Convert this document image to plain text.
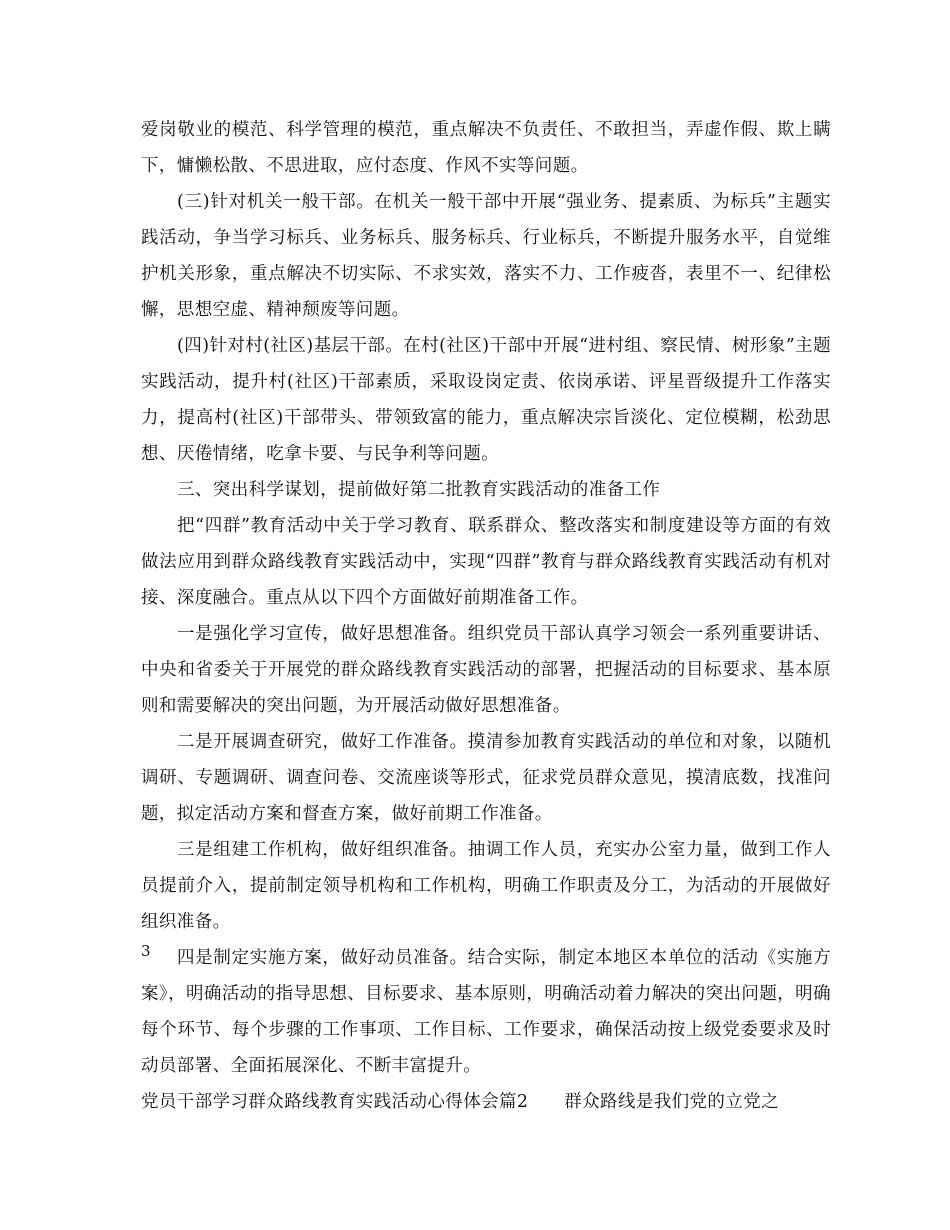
爱岗敬业的模范、科学管理的模范，重点解决不负责任、不敢担当，弄虚作假、欺上瞒下，慵懒松散、不思进取，应付态度、作风不实等问题。

(三)针对机关一般干部。在机关一般干部中开展“强业务、提素质、为标兵”主题实践活动，争当学习标兵、业务标兵、服务标兵、行业标兵，不断提升服务水平，自觉维护机关形象，重点解决不切实际、不求实效，落实不力、工作疲沓，表里不一、纪律松懈，思想空虚、精神颓废等问题。

(四)针对村(社区)基层干部。在村(社区)干部中开展“进村组、察民情、树形象”主题实践活动，提升村(社区)干部素质，采取设岗定责、依岗承诺、评星晋级提升工作落实力，提高村(社区)干部带头、带领致富的能力，重点解决宗旨淡化、定位模糊，松劲思想、厌倦情绪，吃拿卡要、与民争利等问题。

三、突出科学谋划，提前做好第二批教育实践活动的准备工作

把“四群”教育活动中关于学习教育、联系群众、整改落实和制度建设等方面的有效做法应用到群众路线教育实践活动中，实现“四群”教育与群众路线教育实践活动有机对接、深度融合。重点从以下四个方面做好前期准备工作。

一是强化学习宣传，做好思想准备。组织党员干部认真学习领会一系列重要讲话、中央和省委关于开展党的群众路线教育实践活动的部署，把握活动的目标要求、基本原则和需要解决的突出问题，为开展活动做好思想准备。

二是开展调查研究，做好工作准备。摸清参加教育实践活动的单位和对象，以随机调研、专题调研、调查问卷、交流座谈等形式，征求党员群众意见，摸清底数，找准问题，拟定活动方案和督查方案，做好前期工作准备。

三是组建工作机构，做好组织准备。抽调工作人员，充实办公室力量，做到工作人员提前介入，提前制定领导机构和工作机构，明确工作职责及分工，为活动的开展做好组织准备。

四是制定实施方案，做好动员准备。结合实际，制定本地区本单位的活动《实施方案》，明确活动的指导思想、目标要求、基本原则，明确活动着力解决的突出问题，明确每个环节、每个步骤的工作事项、工作目标、工作要求，确保活动按上级党委要求及时动员部署、全面拓展深化、不断丰富提升。

党员干部学习群众路线教育实践活动心得体会篇2　　群众路线是我们党的立党之

3
